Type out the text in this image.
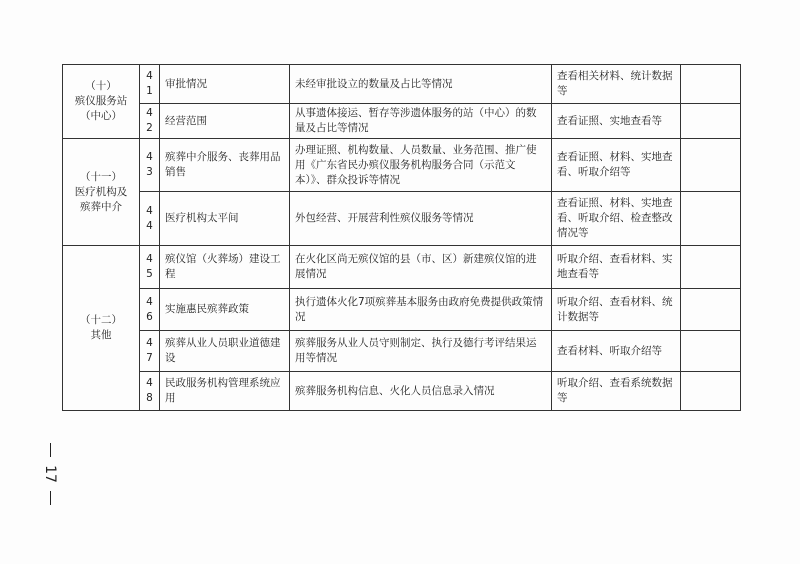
（十）
殡仪服务站
（中心）	41	审批情况	未经审批设立的数量及占比等情况	查看相关材料、统计数据等	
	42	经营范围	从事遗体接运、暂存等涉遗体服务的站（中心）的数量及占比等情况	查看证照、实地查看等	
（十一）
医疗机构及
殡葬中介	43	殡葬中介服务、丧葬用品销售	办理证照、机构数量、人员数量、业务范围、推广使用《广东省民办殡仪服务机构服务合同（示范文本）》、群众投诉等情况	查看证照、材料、实地查看、听取介绍等	
	44	医疗机构太平间	外包经营、开展营利性殡仪服务等情况	查看证照、材料、实地查看、听取介绍、检查整改情况等	
（十二）
其他	45	殡仪馆（火葬场）建设工程	在火化区尚无殡仪馆的县（市、区）新建殡仪馆的进展情况	听取介绍、查看材料、实地查看等	
	46	实施惠民殡葬政策	执行遗体火化7项殡葬基本服务由政府免费提供政策情况	听取介绍、查看材料、统计数据等	
	47	殡葬从业人员职业道德建设	殡葬服务从业人员守则制定、执行及德行考评结果运用等情况	查看材料、听取介绍等	
	48	民政服务机构管理系统应用	殡葬服务机构信息、火化人员信息录入情况	听取介绍、查看系统数据等	
17
